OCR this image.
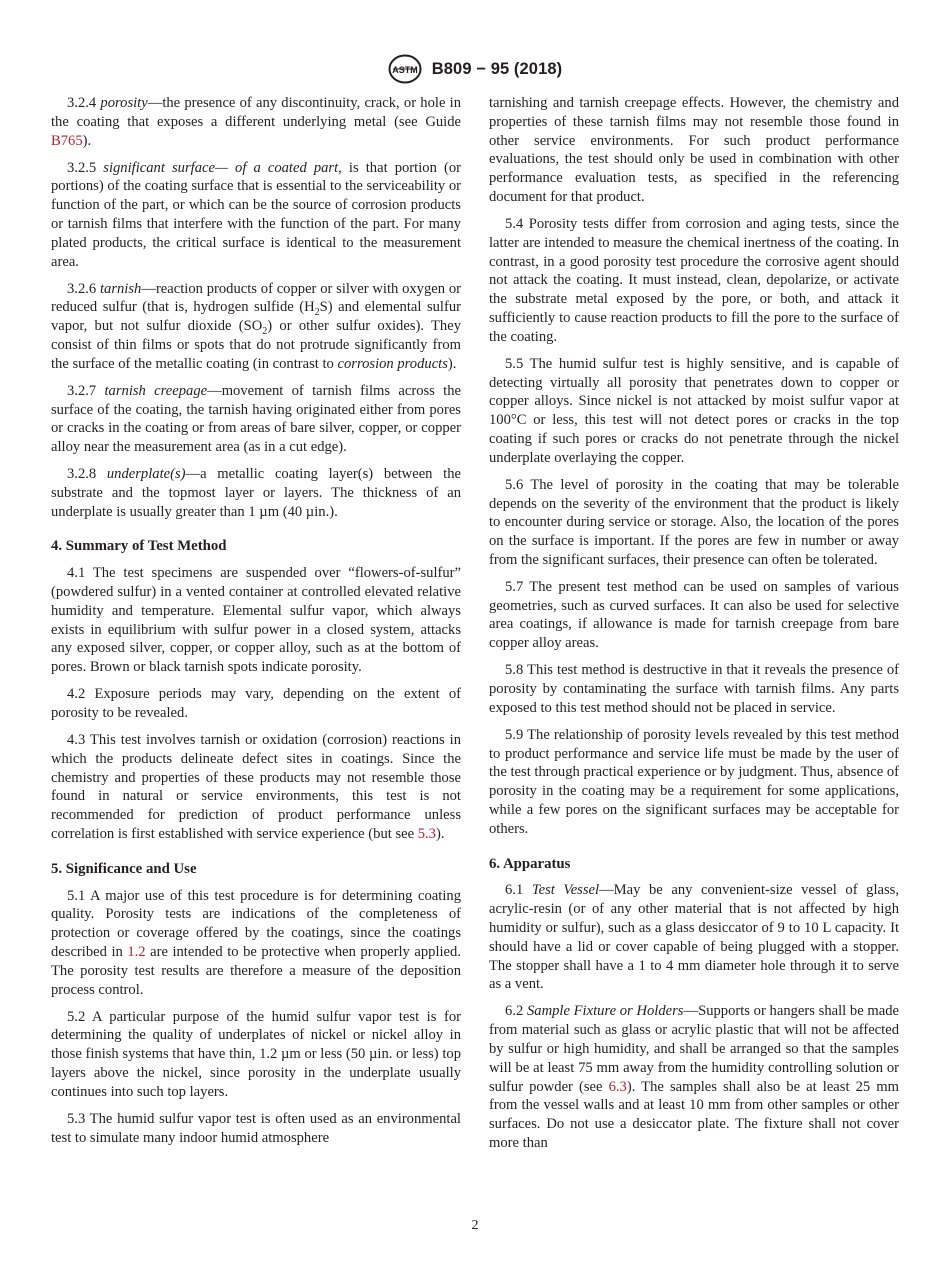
ASTM B809 − 95 (2018)

3.2.4 porosity—the presence of any discontinuity, crack, or hole in the coating that exposes a different underlying metal (see Guide B765).

3.2.5 significant surface— of a coated part, is that portion (or portions) of the coating surface that is essential to the serviceability or function of the part, or which can be the source of corrosion products or tarnish films that interfere with the function of the part. For many plated products, the critical surface is identical to the measurement area.

3.2.6 tarnish—reaction products of copper or silver with oxygen or reduced sulfur (that is, hydrogen sulfide $(H_2S)$ and elemental sulfur vapor, but not sulfur dioxide $(SO_2)$ or other sulfur oxides). They consist of thin films or spots that do not protrude significantly from the surface of the metallic coating (in contrast to corrosion products).

3.2.7 tarnish creepage—movement of tarnish films across the surface of the coating, the tarnish having originated either from pores or cracks in the coating or from areas of bare silver, copper, or copper alloy near the measurement area (as in a cut edge).

3.2.8 underplate(s)—a metallic coating layer(s) between the substrate and the topmost layer or layers. The thickness of an underplate is usually greater than 1 µm (40 µin.).

4. Summary of Test Method

4.1 The test specimens are suspended over “flowers-of-sulfur” (powdered sulfur) in a vented container at controlled elevated relative humidity and temperature. Elemental sulfur vapor, which always exists in equilibrium with sulfur power in a closed system, attacks any exposed silver, copper, or copper alloy, such as at the bottom of pores. Brown or black tarnish spots indicate porosity.

4.2 Exposure periods may vary, depending on the extent of porosity to be revealed.

4.3 This test involves tarnish or oxidation (corrosion) reactions in which the products delineate defect sites in coatings. Since the chemistry and properties of these products may not resemble those found in natural or service environments, this test is not recommended for prediction of product performance unless correlation is first established with service experience (but see 5.3).

5. Significance and Use

5.1 A major use of this test procedure is for determining coating quality. Porosity tests are indications of the completeness of protection or coverage offered by the coatings, since the coatings described in 1.2 are intended to be protective when properly applied. The porosity test results are therefore a measure of the deposition process control.

5.2 A particular purpose of the humid sulfur vapor test is for determining the quality of underplates of nickel or nickel alloy in those finish systems that have thin, 1.2 µm or less (50 µin. or less) top layers above the nickel, since porosity in the underplate usually continues into such top layers.

5.3 The humid sulfur vapor test is often used as an environmental test to simulate many indoor humid atmosphere

tarnishing and tarnish creepage effects. However, the chemistry and properties of these tarnish films may not resemble those found in other service environments. For such product performance evaluations, the test should only be used in combination with other performance evaluation tests, as specified in the referencing document for that product.

5.4 Porosity tests differ from corrosion and aging tests, since the latter are intended to measure the chemical inertness of the coating. In contrast, in a good porosity test procedure the corrosive agent should not attack the coating. It must instead, clean, depolarize, or activate the substrate metal exposed by the pore, or both, and attack it sufficiently to cause reaction products to fill the pore to the surface of the coating.

5.5 The humid sulfur test is highly sensitive, and is capable of detecting virtually all porosity that penetrates down to copper or copper alloys. Since nickel is not attacked by moist sulfur vapor at 100°C or less, this test will not detect pores or cracks in the top coating if such pores or cracks do not penetrate through the nickel underplate overlaying the copper.

5.6 The level of porosity in the coating that may be tolerable depends on the severity of the environment that the product is likely to encounter during service or storage. Also, the location of the pores on the surface is important. If the pores are few in number or away from the significant surfaces, their presence can often be tolerated.

5.7 The present test method can be used on samples of various geometries, such as curved surfaces. It can also be used for selective area coatings, if allowance is made for tarnish creepage from bare copper alloy areas.

5.8 This test method is destructive in that it reveals the presence of porosity by contaminating the surface with tarnish films. Any parts exposed to this test method should not be placed in service.

5.9 The relationship of porosity levels revealed by this test method to product performance and service life must be made by the user of the test through practical experience or by judgment. Thus, absence of porosity in the coating may be a requirement for some applications, while a few pores on the significant surfaces may be acceptable for others.

6. Apparatus

6.1 Test Vessel—May be any convenient-size vessel of glass, acrylic-resin (or of any other material that is not affected by high humidity or sulfur), such as a glass desiccator of 9 to 10 L capacity. It should have a lid or cover capable of being plugged with a stopper. The stopper shall have a 1 to 4 mm diameter hole through it to serve as a vent.

6.2 Sample Fixture or Holders—Supports or hangers shall be made from material such as glass or acrylic plastic that will not be affected by sulfur or high humidity, and shall be arranged so that the samples will be at least 75 mm away from the humidity controlling solution or sulfur powder (see 6.3). The samples shall also be at least 25 mm from the vessel walls and at least 10 mm from other samples or other surfaces. Do not use a desiccator plate. The fixture shall not cover more than

2
